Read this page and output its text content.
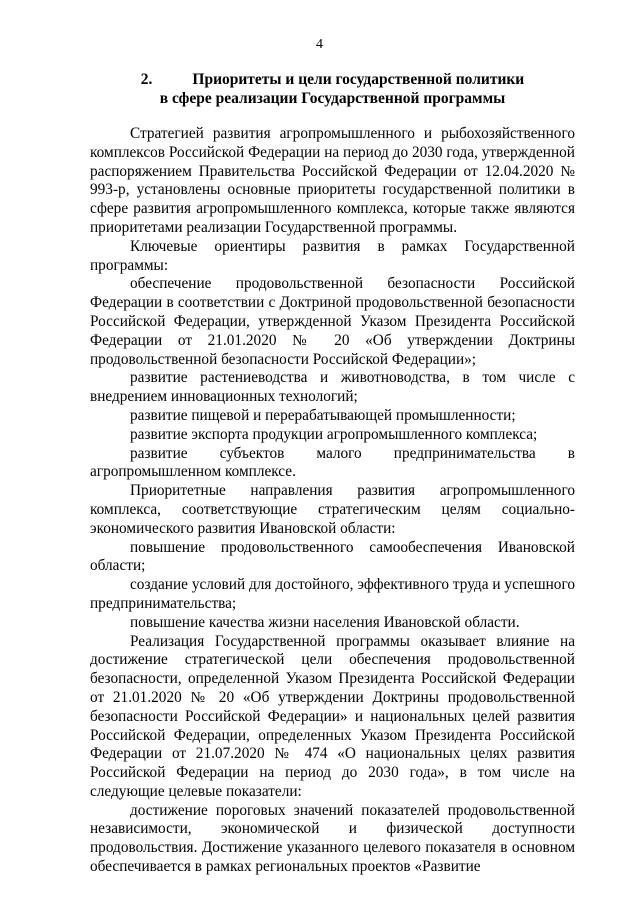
4
2.	Приоритеты и цели государственной политики
в сфере реализации Государственной программы

Стратегией развития агропромышленного и рыбохозяйственного комплексов Российской Федерации на период до 2030 года, утвержденной распоряжением Правительства Российской Федерации от 12.04.2020 № 993-р, установлены основные приоритеты государственной политики в сфере развития агропромышленного комплекса, которые также являются приоритетами реализации Государственной программы.

Ключевые ориентиры развития в рамках Государственной программы:

обеспечение продовольственной безопасности Российской Федерации в соответствии с Доктриной продовольственной безопасности Российской Федерации, утвержденной Указом Президента Российской Федерации от 21.01.2020 № 20 «Об утверждении Доктрины продовольственной безопасности Российской Федерации»;

развитие растениеводства и животноводства, в том числе с внедрением инновационных технологий;

развитие пищевой и перерабатывающей промышленности;

развитие экспорта продукции агропромышленного комплекса;

развитие субъектов малого предпринимательства в агропромышленном комплексе.

Приоритетные направления развития агропромышленного комплекса, соответствующие стратегическим целям социально-экономического развития Ивановской области:

повышение продовольственного самообеспечения Ивановской области;

создание условий для достойного, эффективного труда и успешного предпринимательства;

повышение качества жизни населения Ивановской области.

Реализация Государственной программы оказывает влияние на достижение стратегической цели обеспечения продовольственной безопасности, определенной Указом Президента Российской Федерации от 21.01.2020 № 20 «Об утверждении Доктрины продовольственной безопасности Российской Федерации» и национальных целей развития Российской Федерации, определенных Указом Президента Российской Федерации от 21.07.2020 № 474 «О национальных целях развития Российской Федерации на период до 2030 года», в том числе на следующие целевые показатели:

достижение пороговых значений показателей продовольственной независимости, экономической и физической доступности продовольствия. Достижение указанного целевого показателя в основном обеспечивается в рамках региональных проектов «Развитие
